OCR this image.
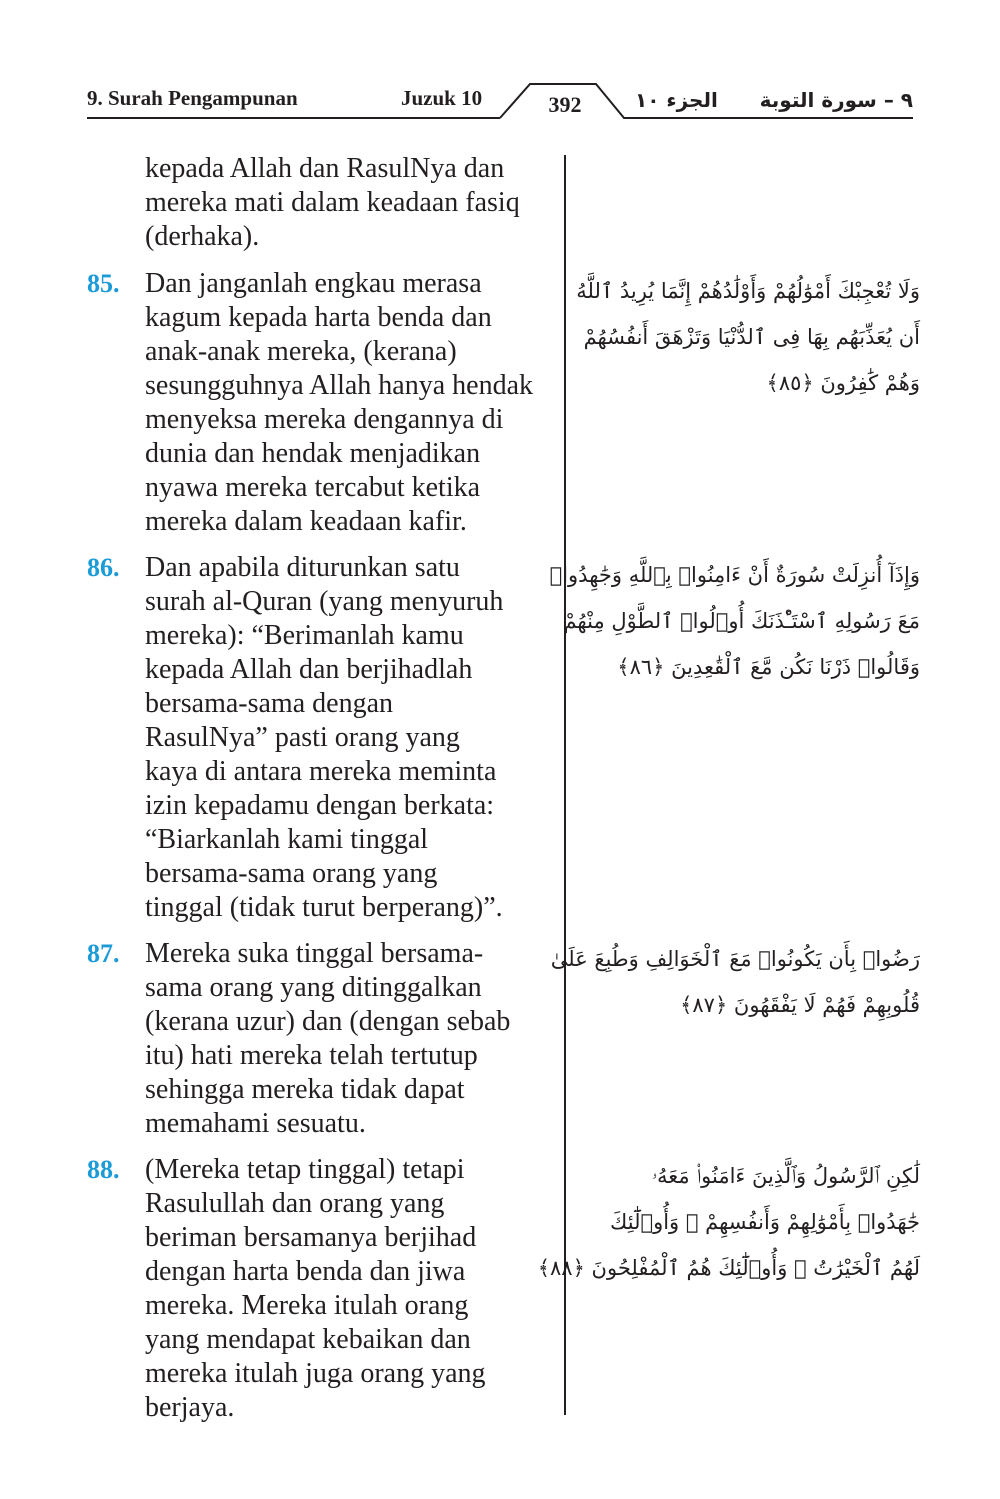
9. Surah Pengampunan	Juzuk 10	392	الجزء ١٠ ٩ – سورة التوبة
kepada Allah dan RasulNya dan
mereka mati dalam keadaan fasiq
(derhaka).
85. Dan janganlah engkau merasa
kagum kepada harta benda dan
anak-anak mereka, (kerana)
sesungguhnya Allah hanya hendak
menyeksa mereka dengannya di
dunia dan hendak menjadikan
nyawa mereka tercabut ketika
mereka dalam keadaan kafir.
وَلَا تُعْجِبْكَ أَمْوَٰلُهُمْ وَأَوْلَٰدُهُمْ إِنَّمَا يُرِيدُ ٱللَّهُ
أَن يُعَذِّبَهُم بِهَا فِى ٱلدُّنْيَا وَتَزْهَقَ أَنفُسُهُمْ
وَهُمْ كَٰفِرُونَ ﴿٨٥﴾
86. Dan apabila diturunkan satu
surah al-Quran (yang menyuruh
mereka): “Berimanlah kamu
kepada Allah dan berjihadlah
bersama-sama dengan
RasulNya” pasti orang yang
kaya di antara mereka meminta
izin kepadamu dengan berkata:
“Biarkanlah kami tinggal
bersama-sama orang yang
tinggal (tidak turut berperang)”.
وَإِذَآ أُنزِلَتْ سُورَةٌ أَنْ ءَامِنُوا۟ بِٱللَّهِ وَجَٰهِدُوا۟
مَعَ رَسُولِهِ ٱسْتَـْٔذَنَكَ أُو۟لُوا۟ ٱلطَّوْلِ مِنْهُمْ
وَقَالُوا۟ ذَرْنَا نَكُن مَّعَ ٱلْقَٰعِدِينَ ﴿٨٦﴾
87. Mereka suka tinggal bersama-
sama orang yang ditinggalkan
(kerana uzur) dan (dengan sebab
itu) hati mereka telah tertutup
sehingga mereka tidak dapat
memahami sesuatu.
رَضُوا۟ بِأَن يَكُونُوا۟ مَعَ ٱلْخَوَالِفِ وَطُبِعَ عَلَىٰ
قُلُوبِهِمْ فَهُمْ لَا يَفْقَهُونَ ﴿٨٧﴾
88. (Mereka tetap tinggal) tetapi
Rasulullah dan orang yang
beriman bersamanya berjihad
dengan harta benda dan jiwa
mereka. Mereka itulah orang
yang mendapat kebaikan dan
mereka itulah juga orang yang
berjaya.
لَٰكِنِ ٱلرَّسُولُ وَٱلَّذِينَ ءَامَنُوا۟ مَعَهُۥ
جَٰهَدُوا۟ بِأَمْوَٰلِهِمْ وَأَنفُسِهِمْ ۚ وَأُو۟لَٰٓئِكَ
لَهُمُ ٱلْخَيْرَٰتُ ۖ وَأُو۟لَٰٓئِكَ هُمُ ٱلْمُفْلِحُونَ ﴿٨٨﴾
